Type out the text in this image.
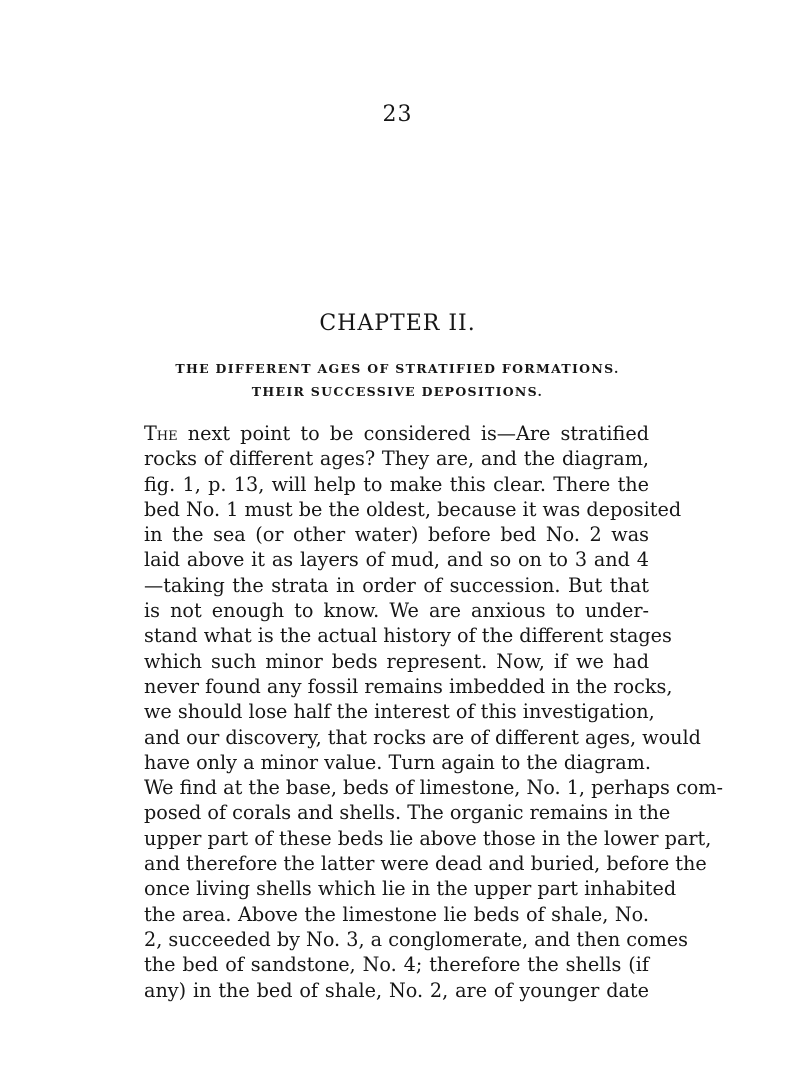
23
CHAPTER II.
THE DIFFERENT AGES OF STRATIFIED FORMATIONS.
THEIR SUCCESSIVE DEPOSITIONS.
The next point to be considered is—Are stratified
rocks of different ages? They are, and the diagram,
fig. 1, p. 13, will help to make this clear. There the
bed No. 1 must be the oldest, because it was deposited
in the sea (or other water) before bed No. 2 was
laid above it as layers of mud, and so on to 3 and 4
—taking the strata in order of succession. But that
is not enough to know. We are anxious to under-
stand what is the actual history of the different stages
which such minor beds represent. Now, if we had
never found any fossil remains imbedded in the rocks,
we should lose half the interest of this investigation,
and our discovery, that rocks are of different ages, would
have only a minor value. Turn again to the diagram.
We find at the base, beds of limestone, No. 1, perhaps com-
posed of corals and shells. The organic remains in the
upper part of these beds lie above those in the lower part,
and therefore the latter were dead and buried, before the
once living shells which lie in the upper part inhabited
the area. Above the limestone lie beds of shale, No.
2, succeeded by No. 3, a conglomerate, and then comes
the bed of sandstone, No. 4; therefore the shells (if
any) in the bed of shale, No. 2, are of younger date
